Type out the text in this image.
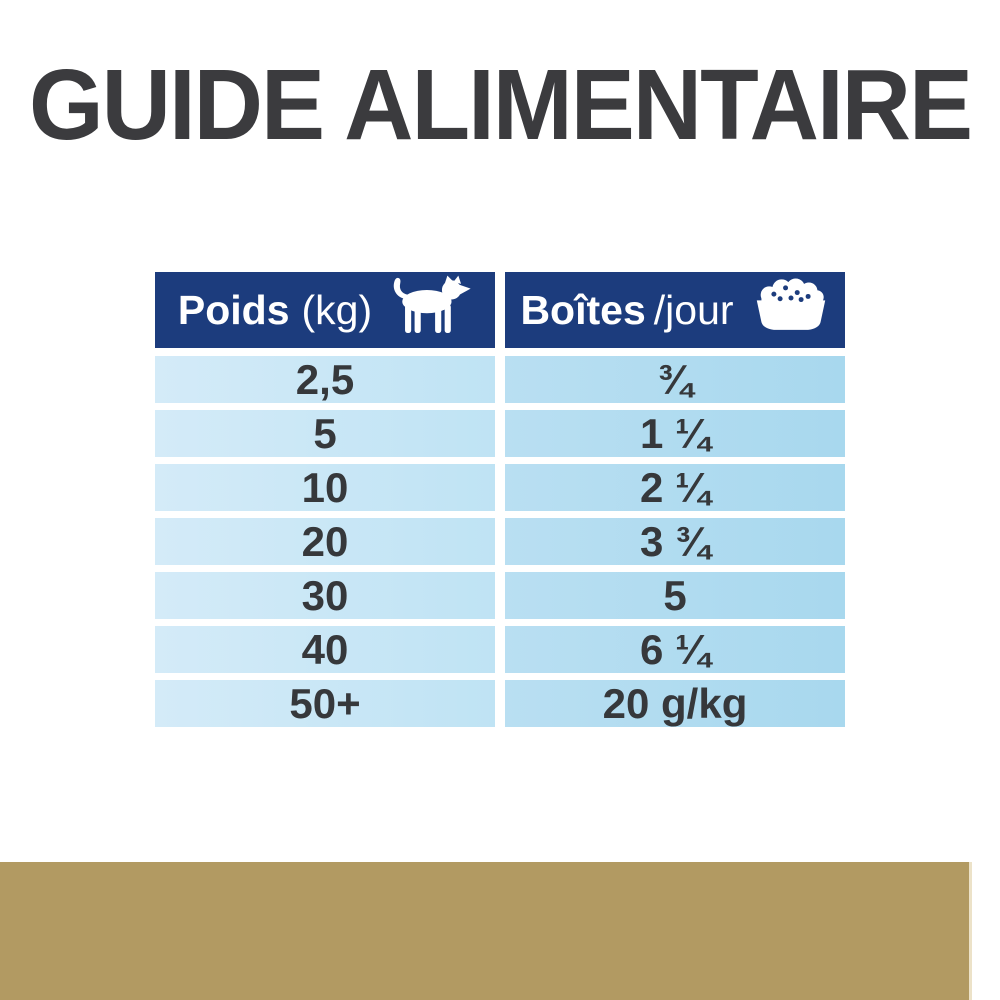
GUIDE ALIMENTAIRE
Poids (kg)	Boîtes /jour
2,5	¾
5	1 ¼
10	2 ¼
20	3 ¾
30	5
40	6 ¼
50+	20 g/kg
